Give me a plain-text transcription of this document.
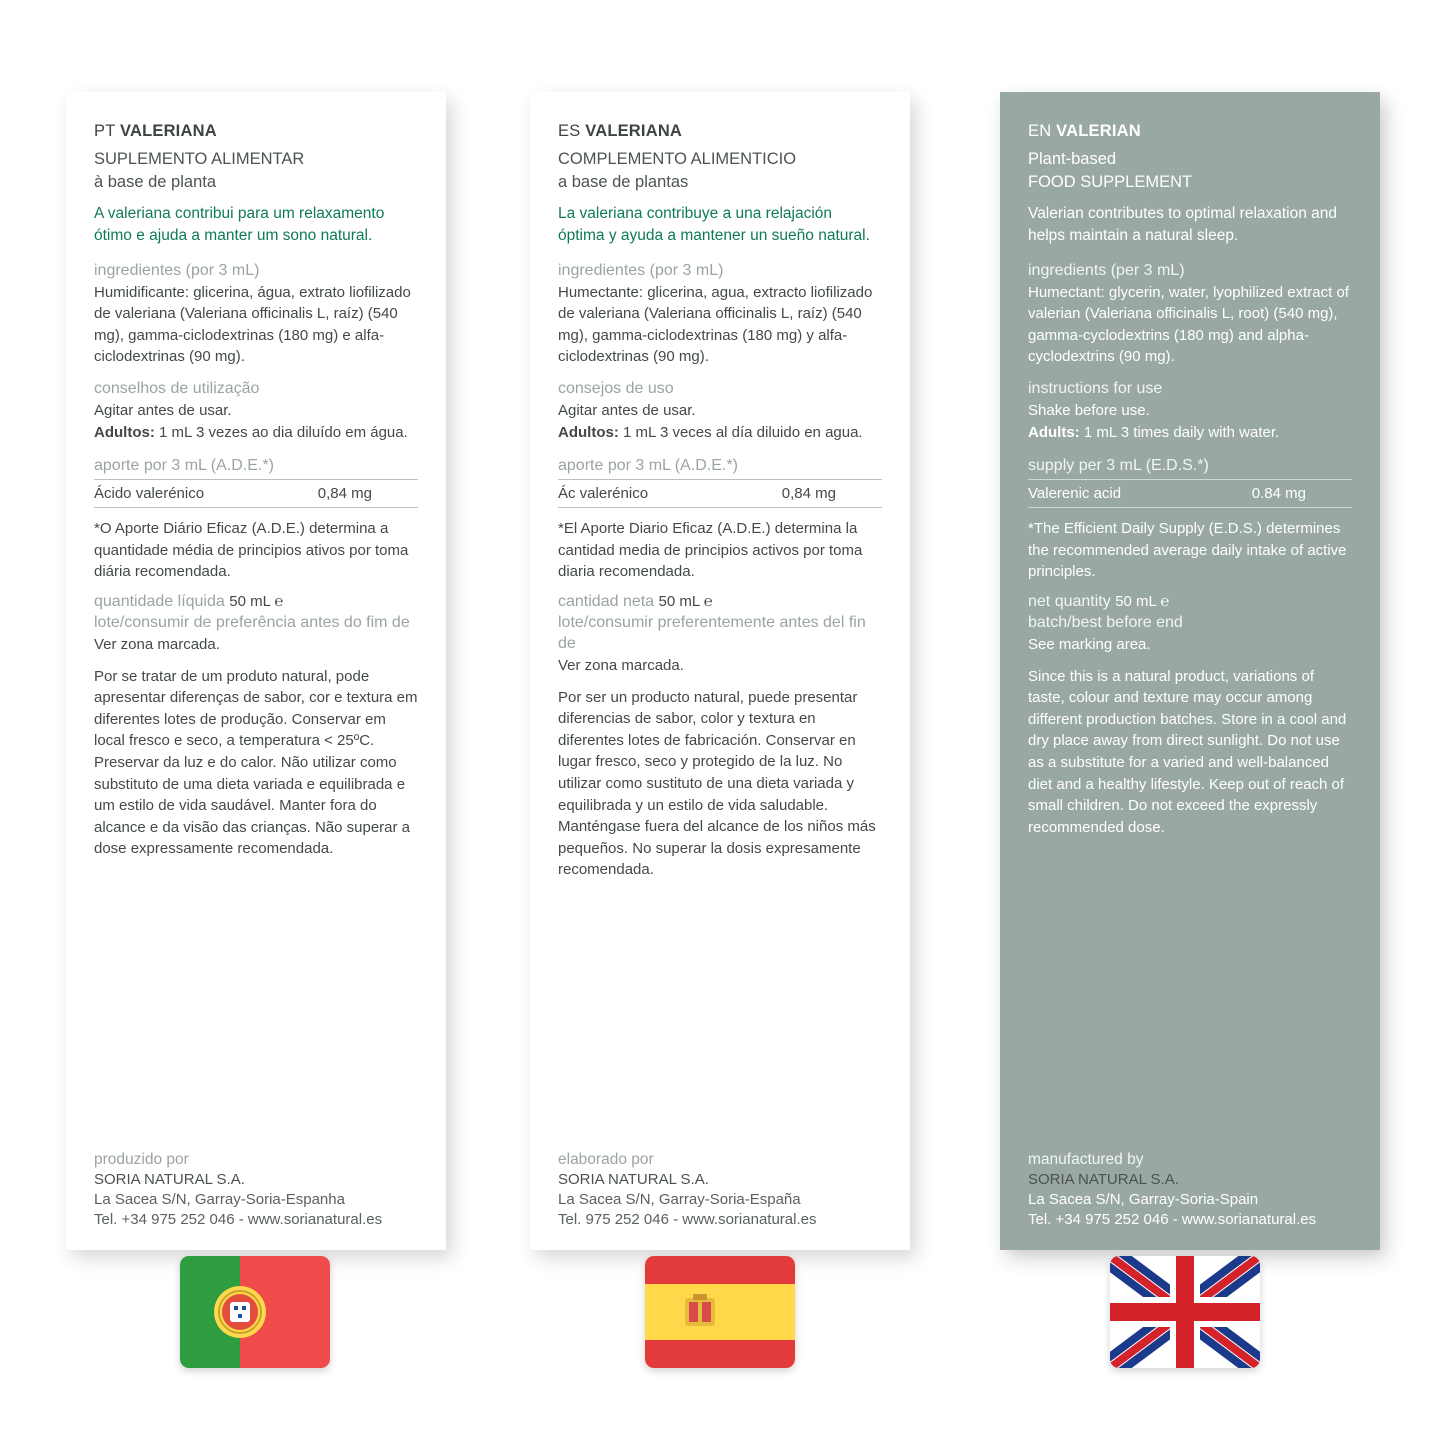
PT VALERIANA
SUPLEMENTO ALIMENTAR
à base de planta
A valeriana contribui para um relaxamento ótimo e ajuda a manter um sono natural.
ingredientes (por 3 mL)
Humidificante: glicerina, água, extrato liofilizado de valeriana (Valeriana officinalis L, raíz) (540 mg), gamma-ciclodextrinas (180 mg) e alfa- ciclodextrinas (90 mg).
conselhos de utilização
Agitar antes de usar.
Adultos: 1 mL 3 vezes ao dia diluído em água.
aporte por 3 mL (A.D.E.*)
Ácido valerénico	0,84 mg
*O Aporte Diário Eficaz (A.D.E.) determina a quantidade média de principios ativos por toma diária recomendada.
quantidade líquida 50 mL ℮
lote/consumir de preferência antes do fim de
Ver zona marcada.
Por se tratar de um produto natural, pode apresentar diferenças de sabor, cor e textura em diferentes lotes de produção. Conservar em local fresco e seco, a temperatura < 25ºC. Preservar da luz e do calor. Não utilizar como substituto de uma dieta variada e equilibrada e um estilo de vida saudável. Manter fora do alcance e da visão das crianças. Não superar a dose expressamente recomendada.
produzido por
SORIA NATURAL S.A.
La Sacea S/N, Garray-Soria-Espanha
Tel. +34 975 252 046 - www.sorianatural.es
ES VALERIANA
COMPLEMENTO ALIMENTICIO
a base de plantas
La valeriana contribuye a una relajación óptima y ayuda a mantener un sueño natural.
ingredientes (por 3 mL)
Humectante: glicerina, agua, extracto liofilizado de valeriana (Valeriana officinalis L, raíz) (540 mg), gamma-ciclodextrinas (180 mg) y alfa-ciclodextrinas (90 mg).
consejos de uso
Agitar antes de usar.
Adultos: 1 mL 3 veces al día diluido en agua.
aporte por 3 mL (A.D.E.*)
Ác valerénico	0,84 mg
*El Aporte Diario Eficaz (A.D.E.) determina la cantidad media de principios activos por toma diaria recomendada.
cantidad neta 50 mL ℮
lote/consumir preferentemente antes del fin de
Ver zona marcada.
Por ser un producto natural, puede presentar diferencias de sabor, color y textura en diferentes lotes de fabricación. Conservar en lugar fresco, seco y protegido de la luz. No utilizar como sustituto de una dieta variada y equilibrada y un estilo de vida saludable. Manténgase fuera del alcance de los niños más pequeños. No superar la dosis expresamente recomendada.
elaborado por
SORIA NATURAL S.A.
La Sacea S/N, Garray-Soria-España
Tel. 975 252 046 - www.sorianatural.es
EN VALERIAN
Plant-based
FOOD SUPPLEMENT
Valerian contributes to optimal relaxation and helps maintain a natural sleep.
ingredients (per 3 mL)
Humectant: glycerin, water, lyophilized extract of valerian (Valeriana officinalis L, root) (540 mg), gamma-cyclodextrins (180 mg) and alpha-cyclodextrins (90 mg).
instructions for use
Shake before use.
Adults: 1 mL 3 times daily with water.
supply per 3 mL (E.D.S.*)
Valerenic acid	0.84 mg
*The Efficient Daily Supply (E.D.S.) determines the recommended average daily intake of active principles.
net quantity 50 mL ℮
batch/best before end
See marking area.
Since this is a natural product, variations of taste, colour and texture may occur among different production batches. Store in a cool and dry place away from direct sunlight. Do not use as a substitute for a varied and well-balanced diet and a healthy lifestyle. Keep out of reach of small children. Do not exceed the expressly recommended dose.
manufactured by
SORIA NATURAL S.A.
La Sacea S/N, Garray-Soria-Spain
Tel. +34 975 252 046 - www.sorianatural.es
